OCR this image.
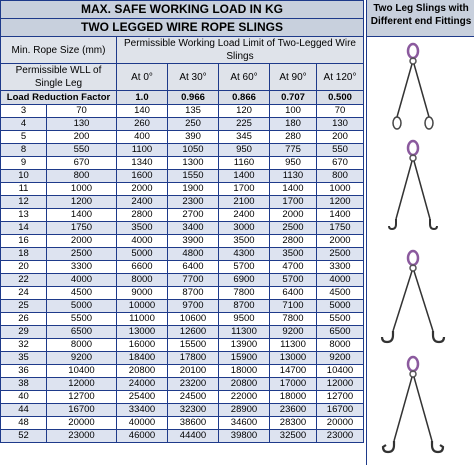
MAX. SAFE WORKING LOAD IN KG						
TWO LEGGED WIRE ROPE SLINGS						
Min. Rope Size (mm)		Permissible Working Load Limit of Two-Legged Wire Slings				
Permissible WLL of Single Leg						
		At 0°	At 30°	At 60°	At 90°	At 120°
Load Reduction Factor		1.0	0.966	0.866	0.707	0.500
3	70	140	135	120	100	70
4	130	260	250	225	180	130
5	200	400	390	345	280	200
8	550	1100	1050	950	775	550
9	670	1340	1300	1160	950	670
10	800	1600	1550	1400	1130	800
11	1000	2000	1900	1700	1400	1000
12	1200	2400	2300	2100	1700	1200
13	1400	2800	2700	2400	2000	1400
14	1750	3500	3400	3000	2500	1750
16	2000	4000	3900	3500	2800	2000
18	2500	5000	4800	4300	3500	2500
20	3300	6600	6400	5700	4700	3300
22	4000	8000	7700	6900	5700	4000
24	4500	9000	8700	7800	6400	4500
25	5000	10000	9700	8700	7100	5000
26	5500	11000	10600	9500	7800	5500
29	6500	13000	12600	11300	9200	6500
32	8000	16000	15500	13900	11300	8000
35	9200	18400	17800	15900	13000	9200
36	10400	20800	20100	18000	14700	10400
38	12000	24000	23200	20800	17000	12000
40	12700	25400	24500	22000	18000	12700
44	16700	33400	32300	28900	23600	16700
48	20000	40000	38600	34600	28300	20000
52	23000	46000	44400	39800	32500	23000
Two Leg Slings with Different end Fittings
